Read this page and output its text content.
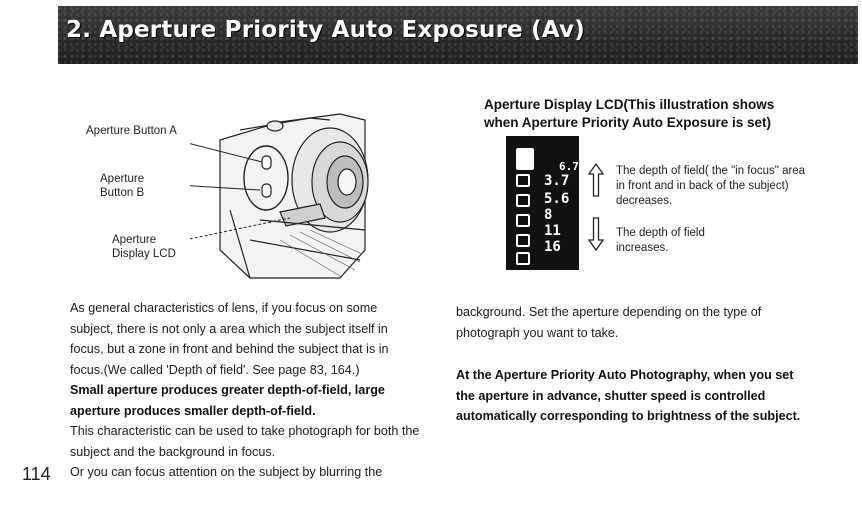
2. Aperture Priority Auto Exposure (Av)
Aperture Button A
Aperture
Button B
Aperture
Display LCD
Aperture Display LCD(This illustration shows
when Aperture Priority Auto Exposure is set)
6.7
3.7
5.6
8
11
16
The depth of field( the "in focus" area in front and in back of the subject) decreases.
The depth of field increases.

As general characteristics of lens, if you focus on some subject, there is not only a area which the subject itself in focus, but a zone in front and behind the subject that is in focus.(We called 'Depth of field'. See page 83, 164.)

Small aperture produces greater depth-of-field, large aperture produces smaller depth-of-field.

This characteristic can be used to take photograph for both the subject and the background in focus.

Or you can focus attention on the subject by blurring the

background. Set the aperture depending on the type of photograph you want to take.

At the Aperture Priority Auto Photography, when you set the aperture in advance, shutter speed is controlled automatically corresponding to brightness of the subject.

114
